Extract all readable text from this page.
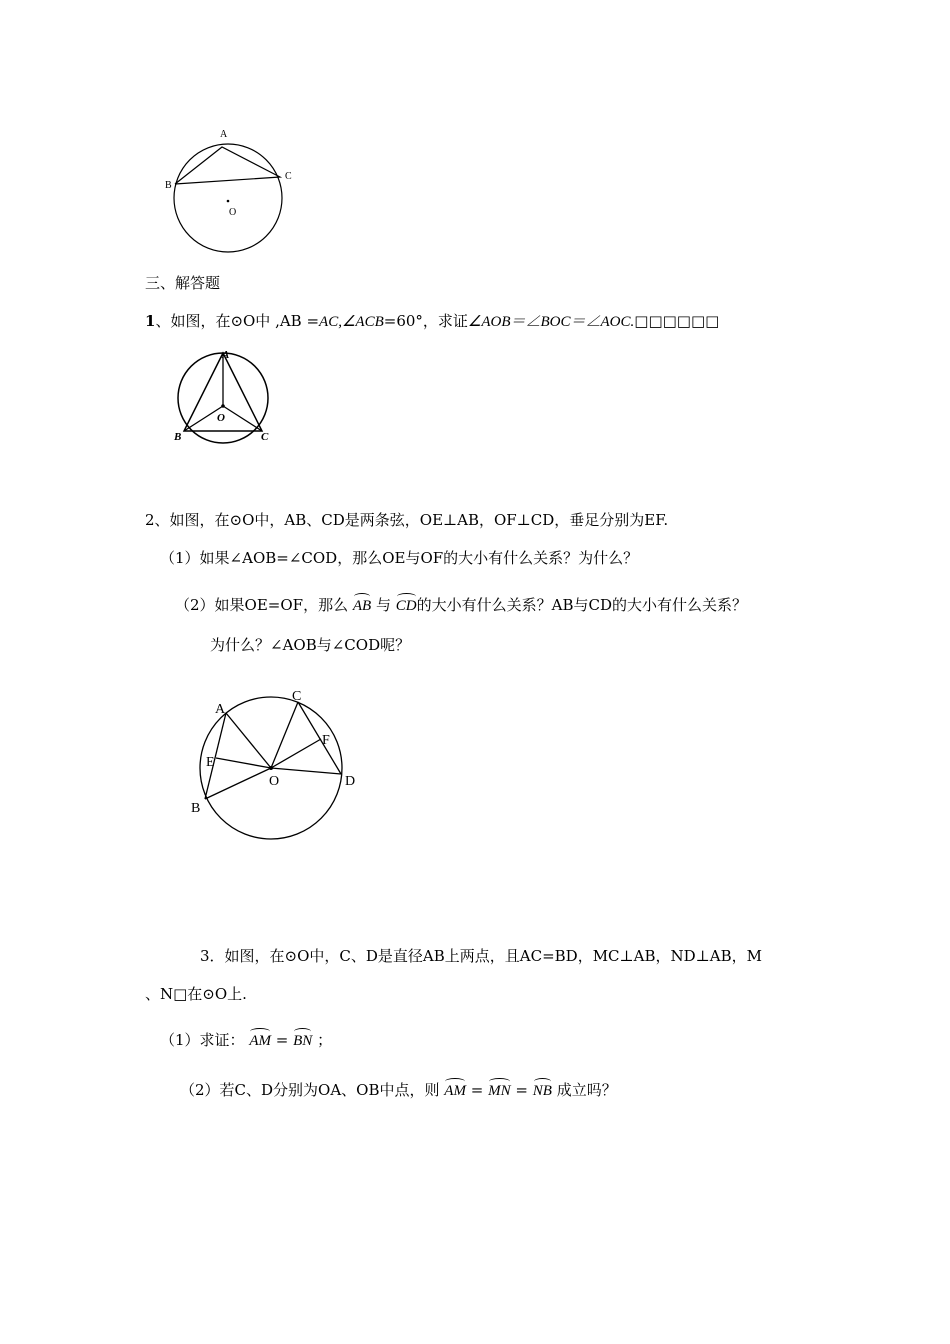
A
B
C
O
三、解答题
1、如图，在⊙O中 ,AB =AC,∠ACB=60°，求证∠AOB＝∠BOC＝∠AOC.□□□□□□
A
O
B	C
2、如图，在⊙O中，AB、CD是两条弦，OE⊥AB，OF⊥CD，垂足分别为EF.
（1）如果∠AOB=∠COD，那么OE与OF的大小有什么关系？为什么？
（2）如果OE=OF，那么 AB 与 CD的大小有什么关系？AB与CD的大小有什么关系？
为什么？∠AOB与∠COD呢？
A
C
F
E
O	D
B
3．如图，在⊙O中，C、D是直径AB上两点，且AC=BD，MC⊥AB，ND⊥AB，M
、N□在⊙O上.
（1）求证： AM = BN ；
（2）若C、D分别为OA、OB中点，则 AM = MN = NB 成立吗？
